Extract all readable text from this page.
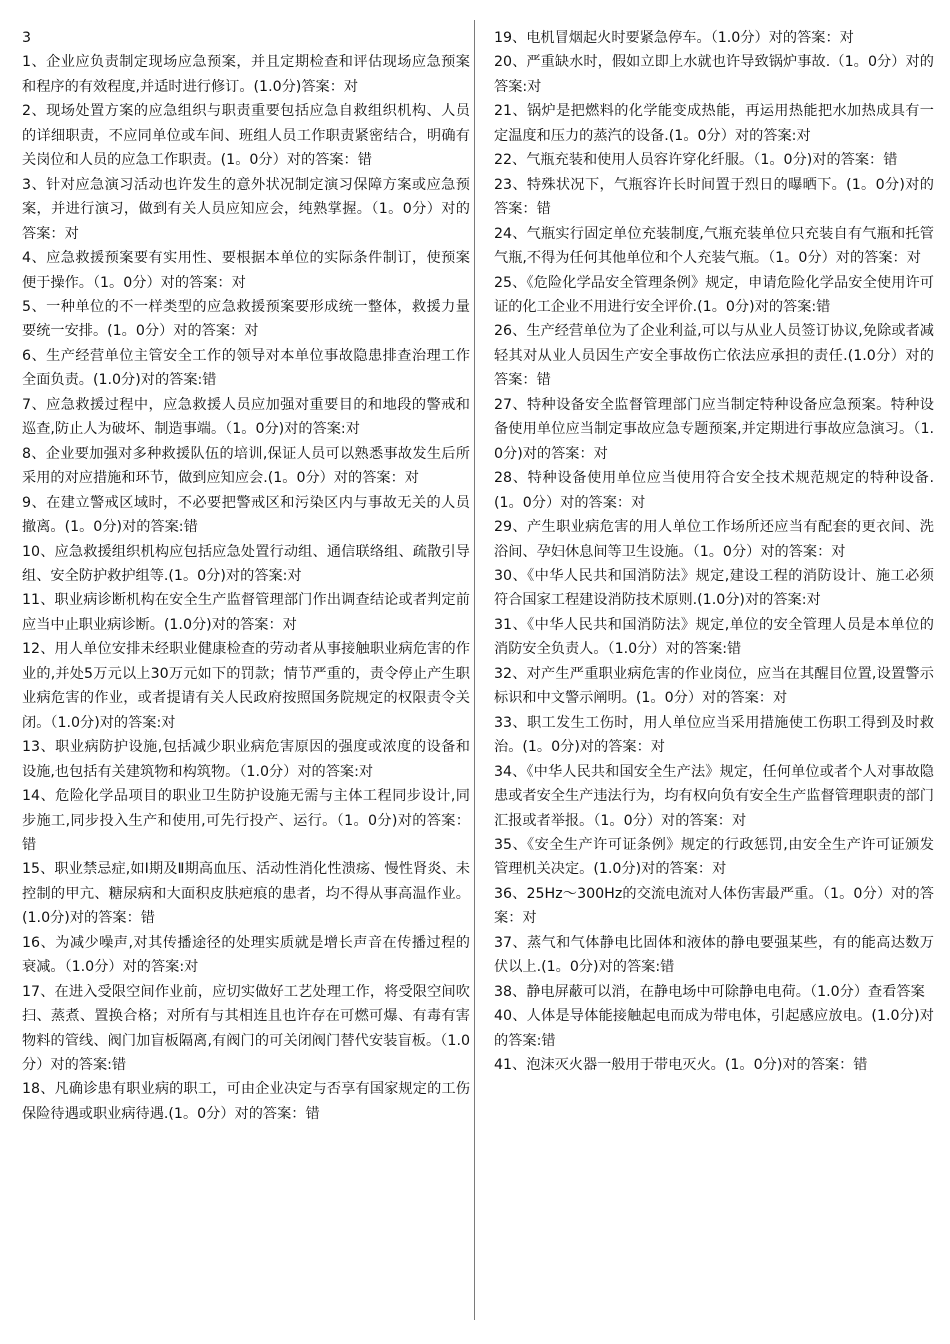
3

1、企业应负责制定现场应急预案，并且定期检查和评估现场应急预案和程序的有效程度,并适时进行修订。(1.0分)答案：对

2、现场处置方案的应急组织与职责重要包括应急自救组织机构、人员的详细职责，不应同单位或车间、班组人员工作职责紧密结合，明确有关岗位和人员的应急工作职责。(1。0分）对的答案：错

3、针对应急演习活动也许发生的意外状况制定演习保障方案或应急预案，并进行演习，做到有关人员应知应会，纯熟掌握。（1。0分）对的答案：对

4、应急救援预案要有实用性、要根据本单位的实际条件制订，使预案便于操作。（1。0分）对的答案：对

5、一种单位的不一样类型的应急救援预案要形成统一整体，救援力量要统一安排。(1。0分）对的答案：对

6、生产经营单位主管安全工作的领导对本单位事故隐患排查治理工作全面负责。(1.0分)对的答案:错

7、应急救援过程中，应急救援人员应加强对重要目的和地段的警戒和巡查,防止人为破坏、制造事端。（1。0分)对的答案:对

8、企业要加强对多种救援队伍的培训,保证人员可以熟悉事故发生后所采用的对应措施和环节，做到应知应会.(1。0分）对的答案：对

9、在建立警戒区域时，不必要把警戒区和污染区内与事故无关的人员撤离。(1。0分)对的答案:错

10、应急救援组织机构应包括应急处置行动组、通信联络组、疏散引导组、安全防护救护组等.(1。0分)对的答案:对

11、职业病诊断机构在安全生产监督管理部门作出调查结论或者判定前应当中止职业病诊断。(1.0分)对的答案：对

12、用人单位安排未经职业健康检查的劳动者从事接触职业病危害的作业的,并处5万元以上30万元如下的罚款；情节严重的，责令停止产生职业病危害的作业，或者提请有关人民政府按照国务院规定的权限责令关闭。（1.0分)对的答案:对

13、职业病防护设施,包括减少职业病危害原因的强度或浓度的设备和设施,也包括有关建筑物和构筑物。（1.0分）对的答案:对

14、危险化学品项目的职业卫生防护设施无需与主体工程同步设计,同步施工,同步投入生产和使用,可先行投产、运行。（1。0分)对的答案：错

15、职业禁忌症,如Ⅰ期及Ⅱ期高血压、活动性消化性溃疡、慢性肾炎、未控制的甲亢、糖尿病和大面积皮肤疤痕的患者，均不得从事高温作业。(1.0分)对的答案：错

16、为减少噪声,对其传播途径的处理实质就是增长声音在传播过程的衰减。（1.0分）对的答案:对

17、在进入受限空间作业前，应切实做好工艺处理工作，将受限空间吹扫、蒸煮、置换合格；对所有与其相连且也许存在可燃可爆、有毒有害物料的管线、阀门加盲板隔离,有阀门的可关闭阀门替代安装盲板。（1.0分）对的答案:错

18、凡确诊患有职业病的职工，可由企业决定与否享有国家规定的工伤保险待遇或职业病待遇.(1。0分）对的答案：错

19、电机冒烟起火时要紧急停车。（1.0分）对的答案：对

20、严重缺水时，假如立即上水就也许导致锅炉事故.（1。0分）对的答案:对

21、锅炉是把燃料的化学能变成热能，再运用热能把水加热成具有一定温度和压力的蒸汽的设备.(1。0分）对的答案:对

22、气瓶充装和使用人员容许穿化纤服。（1。0分)对的答案：错

23、特殊状况下，气瓶容许长时间置于烈日的曝晒下。(1。0分)对的答案：错

24、气瓶实行固定单位充装制度,气瓶充装单位只充装自有气瓶和托管气瓶,不得为任何其他单位和个人充装气瓶。（1。0分）对的答案：对

25、《危险化学品安全管理条例》规定，申请危险化学品安全使用许可证的化工企业不用进行安全评价.(1。0分)对的答案:错

26、生产经营单位为了企业利益,可以与从业人员签订协议,免除或者减轻其对从业人员因生产安全事故伤亡依法应承担的责任.(1.0分）对的答案：错

27、特种设备安全监督管理部门应当制定特种设备应急预案。特种设备使用单位应当制定事故应急专题预案,并定期进行事故应急演习。（1.0分)对的答案：对

28、特种设备使用单位应当使用符合安全技术规范规定的特种设备.(1。0分）对的答案：对

29、产生职业病危害的用人单位工作场所还应当有配套的更衣间、洗浴间、孕妇休息间等卫生设施。（1。0分）对的答案：对

30、《中华人民共和国消防法》规定,建设工程的消防设计、施工必须符合国家工程建设消防技术原则.(1.0分)对的答案:对

31、《中华人民共和国消防法》规定,单位的安全管理人员是本单位的消防安全负责人。（1.0分）对的答案:错

32、对产生严重职业病危害的作业岗位，应当在其醒目位置,设置警示标识和中文警示阐明。(1。0分）对的答案：对

33、职工发生工伤时，用人单位应当采用措施使工伤职工得到及时救治。(1。0分)对的答案：对

34、《中华人民共和国安全生产法》规定，任何单位或者个人对事故隐患或者安全生产违法行为，均有权向负有安全生产监督管理职责的部门汇报或者举报。（1。0分）对的答案：对

35、《安全生产许可证条例》规定的行政惩罚,由安全生产许可证颁发管理机关决定。(1.0分)对的答案：对

36、25Hz～300Hz的交流电流对人体伤害最严重。（1。0分）对的答案：对

37、蒸气和气体静电比固体和液体的静电要强某些，有的能高达数万伏以上.(1。0分)对的答案:错

38、静电屏蔽可以消，在静电场中可除静电电荷。（1.0分）查看答案

40、人体是导体能接触起电而成为带电体，引起感应放电。(1.0分)对的答案:错

41、泡沫灭火器一般用于带电灭火。(1。0分)对的答案：错
